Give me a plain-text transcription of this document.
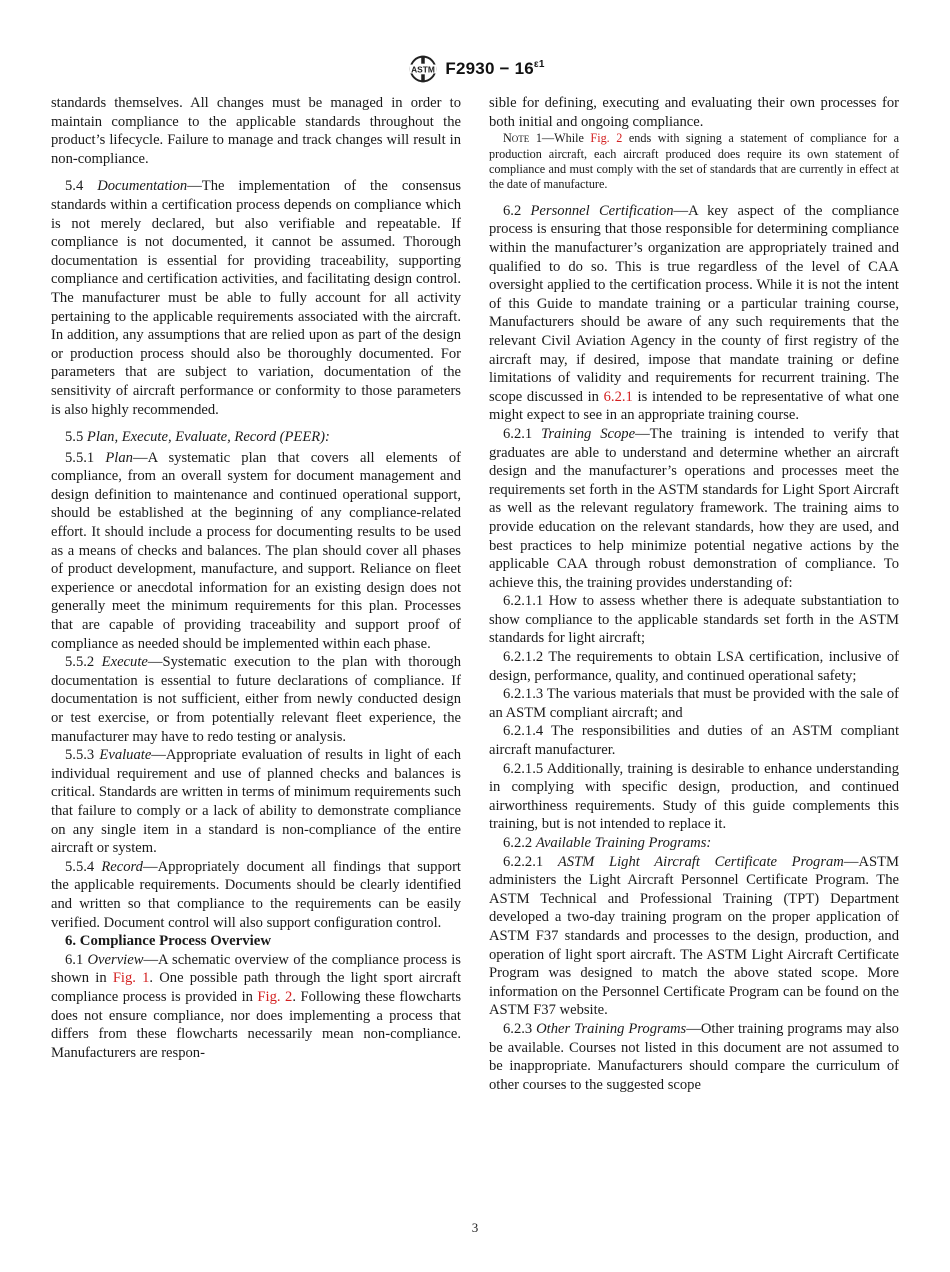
ASTM $F2930 - 16^{\varepsilon 1}$

standards themselves. All changes must be managed in order to maintain compliance to the applicable standards throughout the product’s lifecycle. Failure to manage and track changes will result in non-compliance.

5.4 Documentation—The implementation of the consensus standards within a certification process depends on compliance which is not merely declared, but also verifiable and repeatable. If compliance is not documented, it cannot be assumed. Thorough documentation is essential for providing traceability, supporting compliance and certification activities, and facilitating design control. The manufacturer must be able to fully account for all activity pertaining to the applicable requirements associated with the aircraft. In addition, any assumptions that are relied upon as part of the design or production process should also be thoroughly documented. For parameters that are subject to variation, documentation of the sensitivity of aircraft performance or conformity to those parameters is also highly recommended.

5.5 Plan, Execute, Evaluate, Record (PEER):

5.5.1 Plan—A systematic plan that covers all elements of compliance, from an overall system for document management and design definition to maintenance and continued operational support, should be established at the beginning of any compliance-related effort. It should include a process for documenting results to be used as a means of checks and balances. The plan should cover all phases of product development, manufacture, and support. Reliance on fleet experience or anecdotal information for an existing design does not generally meet the minimum requirements for this plan. Processes that are capable of providing traceability and support proof of compliance as needed should be implemented within each phase.

5.5.2 Execute—Systematic execution to the plan with thorough documentation is essential to future declarations of compliance. If documentation is not sufficient, either from newly conducted design or test exercise, or from potentially relevant fleet experience, the manufacturer may have to redo testing or analysis.

5.5.3 Evaluate—Appropriate evaluation of results in light of each individual requirement and use of planned checks and balances is critical. Standards are written in terms of minimum requirements such that failure to comply or a lack of ability to demonstrate compliance on any single item in a standard is non-compliance of the entire aircraft or system.

5.5.4 Record—Appropriately document all findings that support the applicable requirements. Documents should be clearly identified and written so that compliance to the requirements can be easily verified. Document control will also support configuration control.

6. Compliance Process Overview

6.1 Overview—A schematic overview of the compliance process is shown in Fig. 1. One possible path through the light sport aircraft compliance process is provided in Fig. 2. Following these flowcharts does not ensure compliance, nor does implementing a process that differs from these flowcharts necessarily mean non-compliance. Manufacturers are respon-

sible for defining, executing and evaluating their own processes for both initial and ongoing compliance.

Note 1—While Fig. 2 ends with signing a statement of compliance for a production aircraft, each aircraft produced does require its own statement of compliance and must comply with the set of standards that are currently in effect at the date of manufacture.

6.2 Personnel Certification—A key aspect of the compliance process is ensuring that those responsible for determining compliance within the manufacturer’s organization are appropriately trained and qualified to do so. This is true regardless of the level of CAA oversight applied to the certification process. While it is not the intent of this Guide to mandate training or a particular training course, Manufacturers should be aware of any such requirements that the relevant Civil Aviation Agency in the county of first registry of the aircraft may, if desired, impose that mandate training or define limitations of validity and requirements for recurrent training. The scope discussed in 6.2.1 is intended to be representative of what one might expect to see in an appropriate training course.

6.2.1 Training Scope—The training is intended to verify that graduates are able to understand and determine whether an aircraft design and the manufacturer’s operations and processes meet the requirements set forth in the ASTM standards for Light Sport Aircraft as well as the relevant regulatory framework. The training aims to provide education on the relevant standards, how they are used, and best practices to help minimize potential negative actions by the applicable CAA through robust demonstration of compliance. To achieve this, the training provides understanding of:

6.2.1.1 How to assess whether there is adequate substantiation to show compliance to the applicable standards set forth in the ASTM standards for light aircraft;

6.2.1.2 The requirements to obtain LSA certification, inclusive of design, performance, quality, and continued operational safety;

6.2.1.3 The various materials that must be provided with the sale of an ASTM compliant aircraft; and

6.2.1.4 The responsibilities and duties of an ASTM compliant aircraft manufacturer.

6.2.1.5 Additionally, training is desirable to enhance understanding in complying with specific design, production, and continued airworthiness requirements. Study of this guide complements this training, but is not intended to replace it.

6.2.2 Available Training Programs:

6.2.2.1 ASTM Light Aircraft Certificate Program—ASTM administers the Light Aircraft Personnel Certificate Program. The ASTM Technical and Professional Training (TPT) Department developed a two-day training program on the proper application of ASTM F37 standards and processes to the design, production, and operation of light sport aircraft. The ASTM Light Aircraft Certificate Program was designed to match the above stated scope. More information on the Personnel Certificate Program can be found on the ASTM F37 website.

6.2.3 Other Training Programs—Other training programs may also be available. Courses not listed in this document are not assumed to be inappropriate. Manufacturers should compare the curriculum of other courses to the suggested scope

3
